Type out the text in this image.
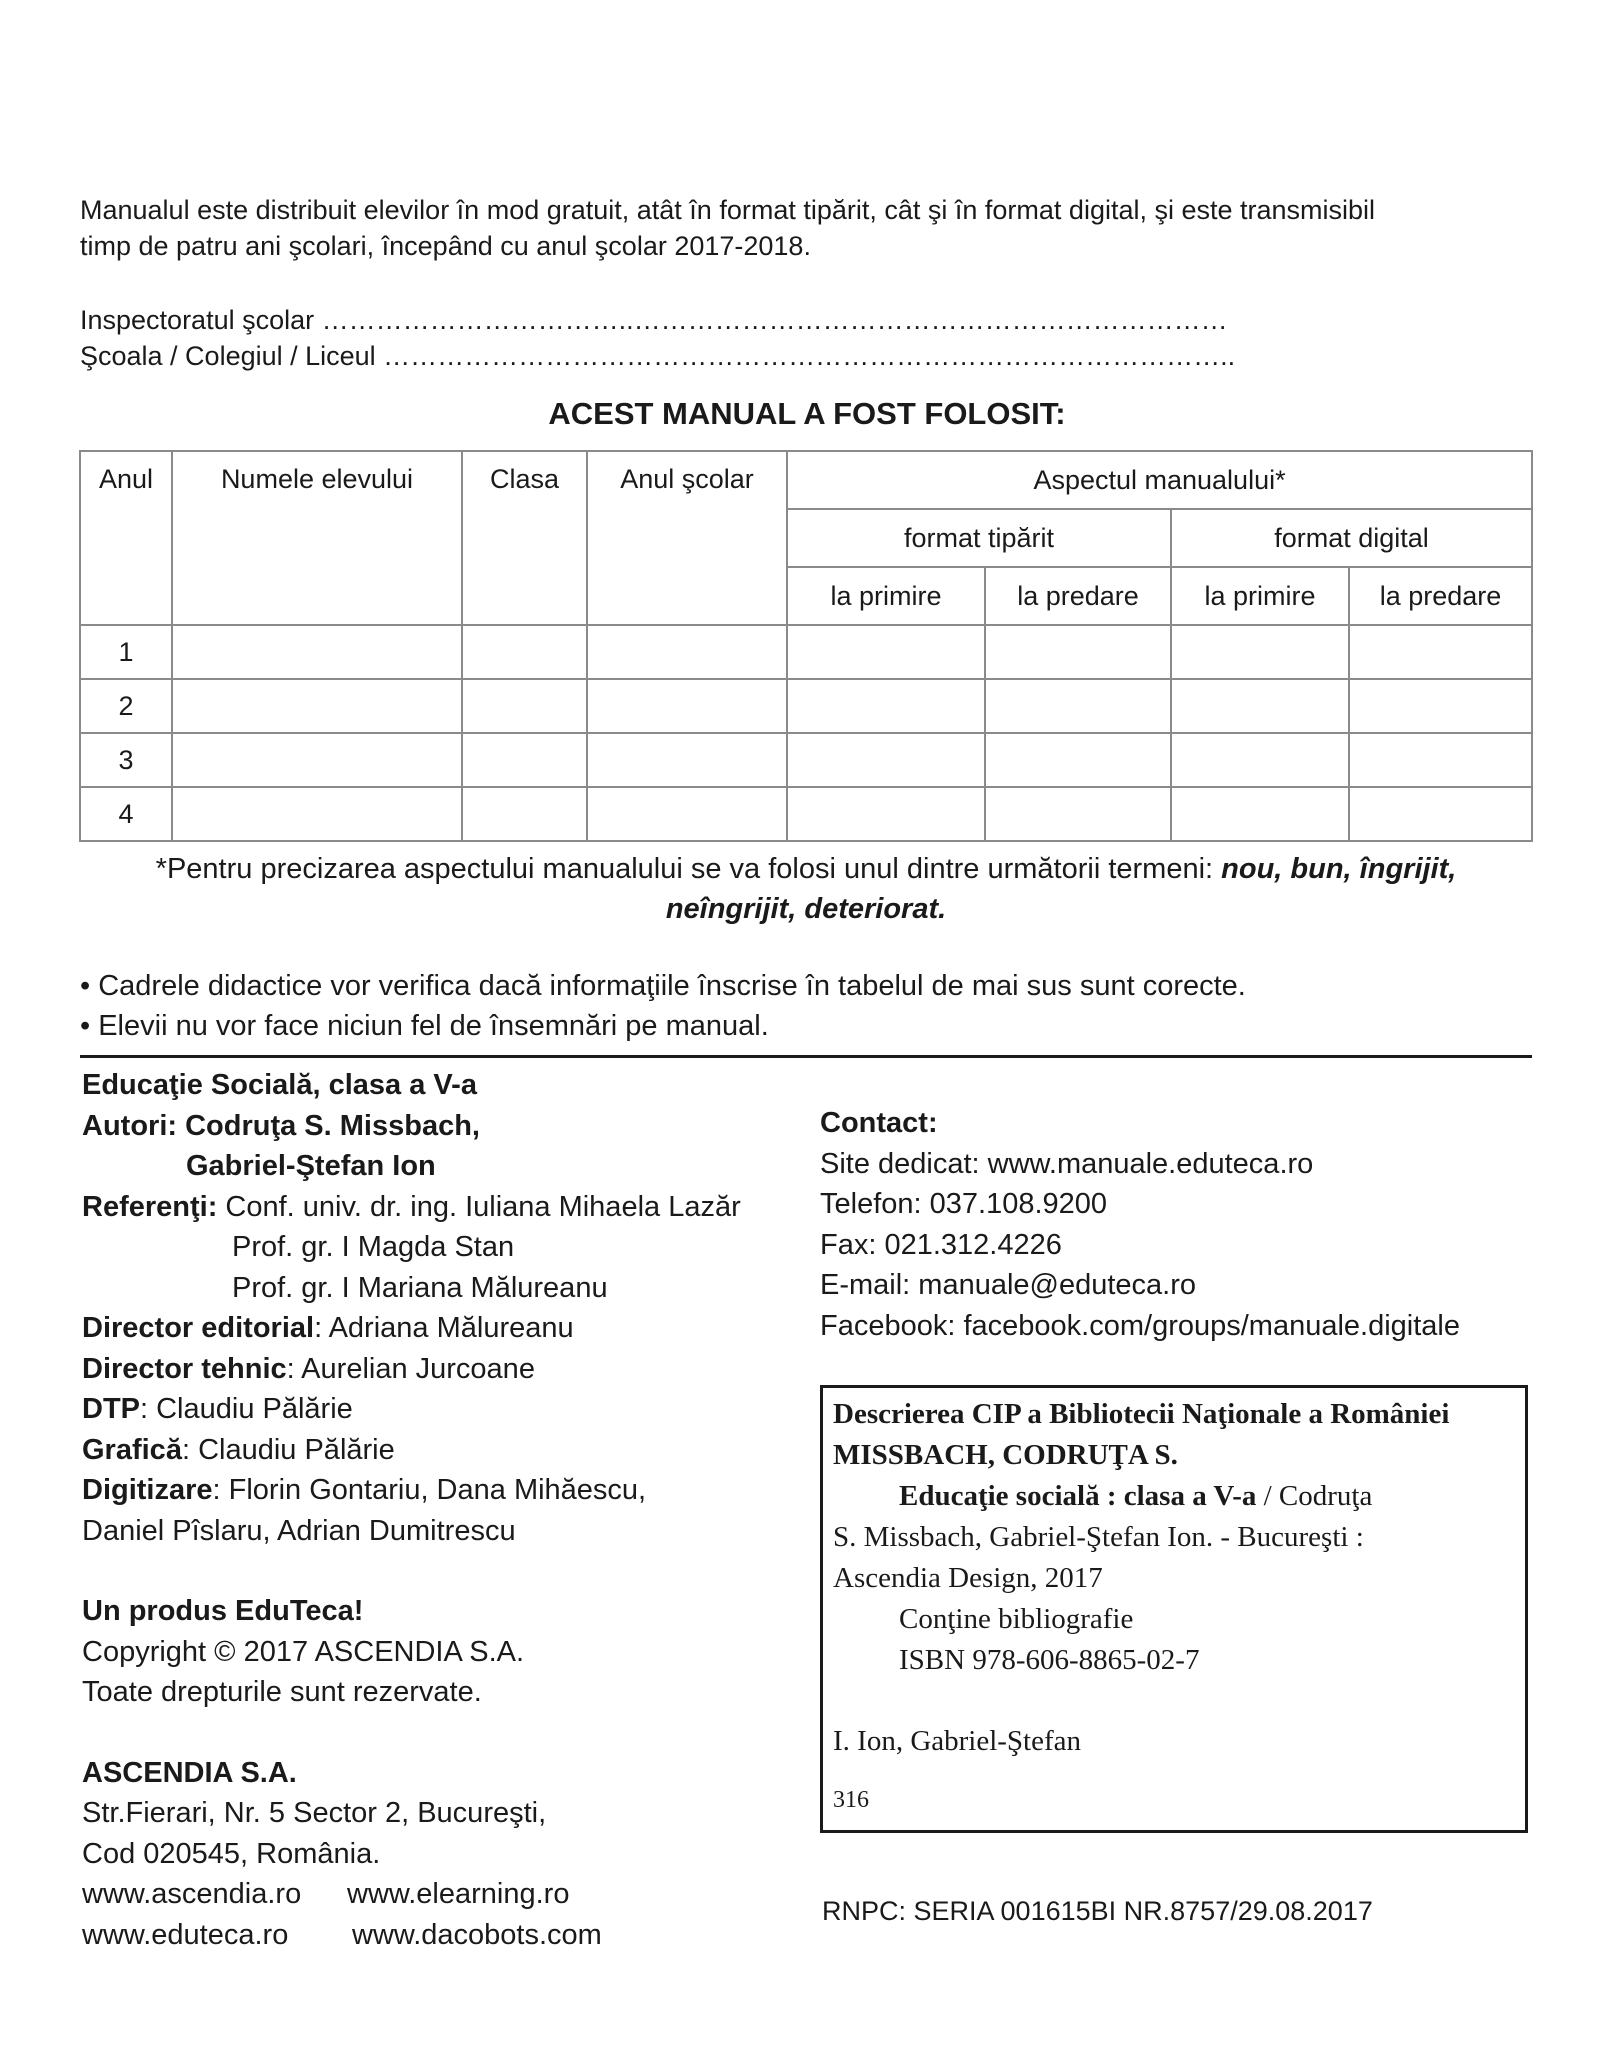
Manualul este distribuit elevilor în mod gratuit, atât în format tipărit, cât şi în format digital, şi este transmisibil
timp de patru ani şcolari, începând cu anul şcolar 2017-2018.
Inspectoratul şcolar ……………………………..…………………………………………………………
Şcoala / Colegiul / Liceul …………………………………………………………………………………..
ACEST MANUAL A FOST FOLOSIT:
Anul	Numele elevului	Clasa	Anul şcolar	Aspectul manualului*			
				format tipărit		format digital	
				la primire	la predare	la primire	la predare
1							
2							
3							
4							
*Pentru precizarea aspectului manualului se va folosi unul dintre următorii termeni: nou, bun, îngrijit,
neîngrijit, deteriorat.
• Cadrele didactice vor verifica dacă informaţiile înscrise în tabelul de mai sus sunt corecte.
• Elevii nu vor face niciun fel de însemnări pe manual.
Educaţie Socială, clasa a V-a
Autori: Codruţa S. Missbach,
Gabriel-Ştefan Ion
Referenţi: Conf. univ. dr. ing. Iuliana Mihaela Lazăr
Prof. gr. I Magda Stan
Prof. gr. I Mariana Mălureanu
Director editorial: Adriana Mălureanu
Director tehnic: Aurelian Jurcoane
DTP: Claudiu Pălărie
Grafică: Claudiu Pălărie
Digitizare: Florin Gontariu, Dana Mihăescu,
Daniel Pîslaru, Adrian Dumitrescu
Un produs EduTeca!
Copyright © 2017 ASCENDIA S.A.
Toate drepturile sunt rezervate.
ASCENDIA S.A.
Str.Fierari, Nr. 5 Sector 2, Bucureşti,
Cod 020545, România.
www.ascendia.ro www.elearning.ro
www.eduteca.ro www.dacobots.com
Contact:
Site dedicat: www.manuale.eduteca.ro
Telefon: 037.108.9200
Fax: 021.312.4226
E-mail: manuale@eduteca.ro
Facebook: facebook.com/groups/manuale.digitale
Descrierea CIP a Bibliotecii Naţionale a României
MISSBACH, CODRUŢA S.
Educaţie socială : clasa a V-a / Codruţa
S. Missbach, Gabriel-Ştefan Ion. - Bucureşti :
Ascendia Design, 2017
Conţine bibliografie
ISBN 978-606-8865-02-7
I. Ion, Gabriel-Ştefan
316
RNPC: SERIA 001615BI NR.8757/29.08.2017
